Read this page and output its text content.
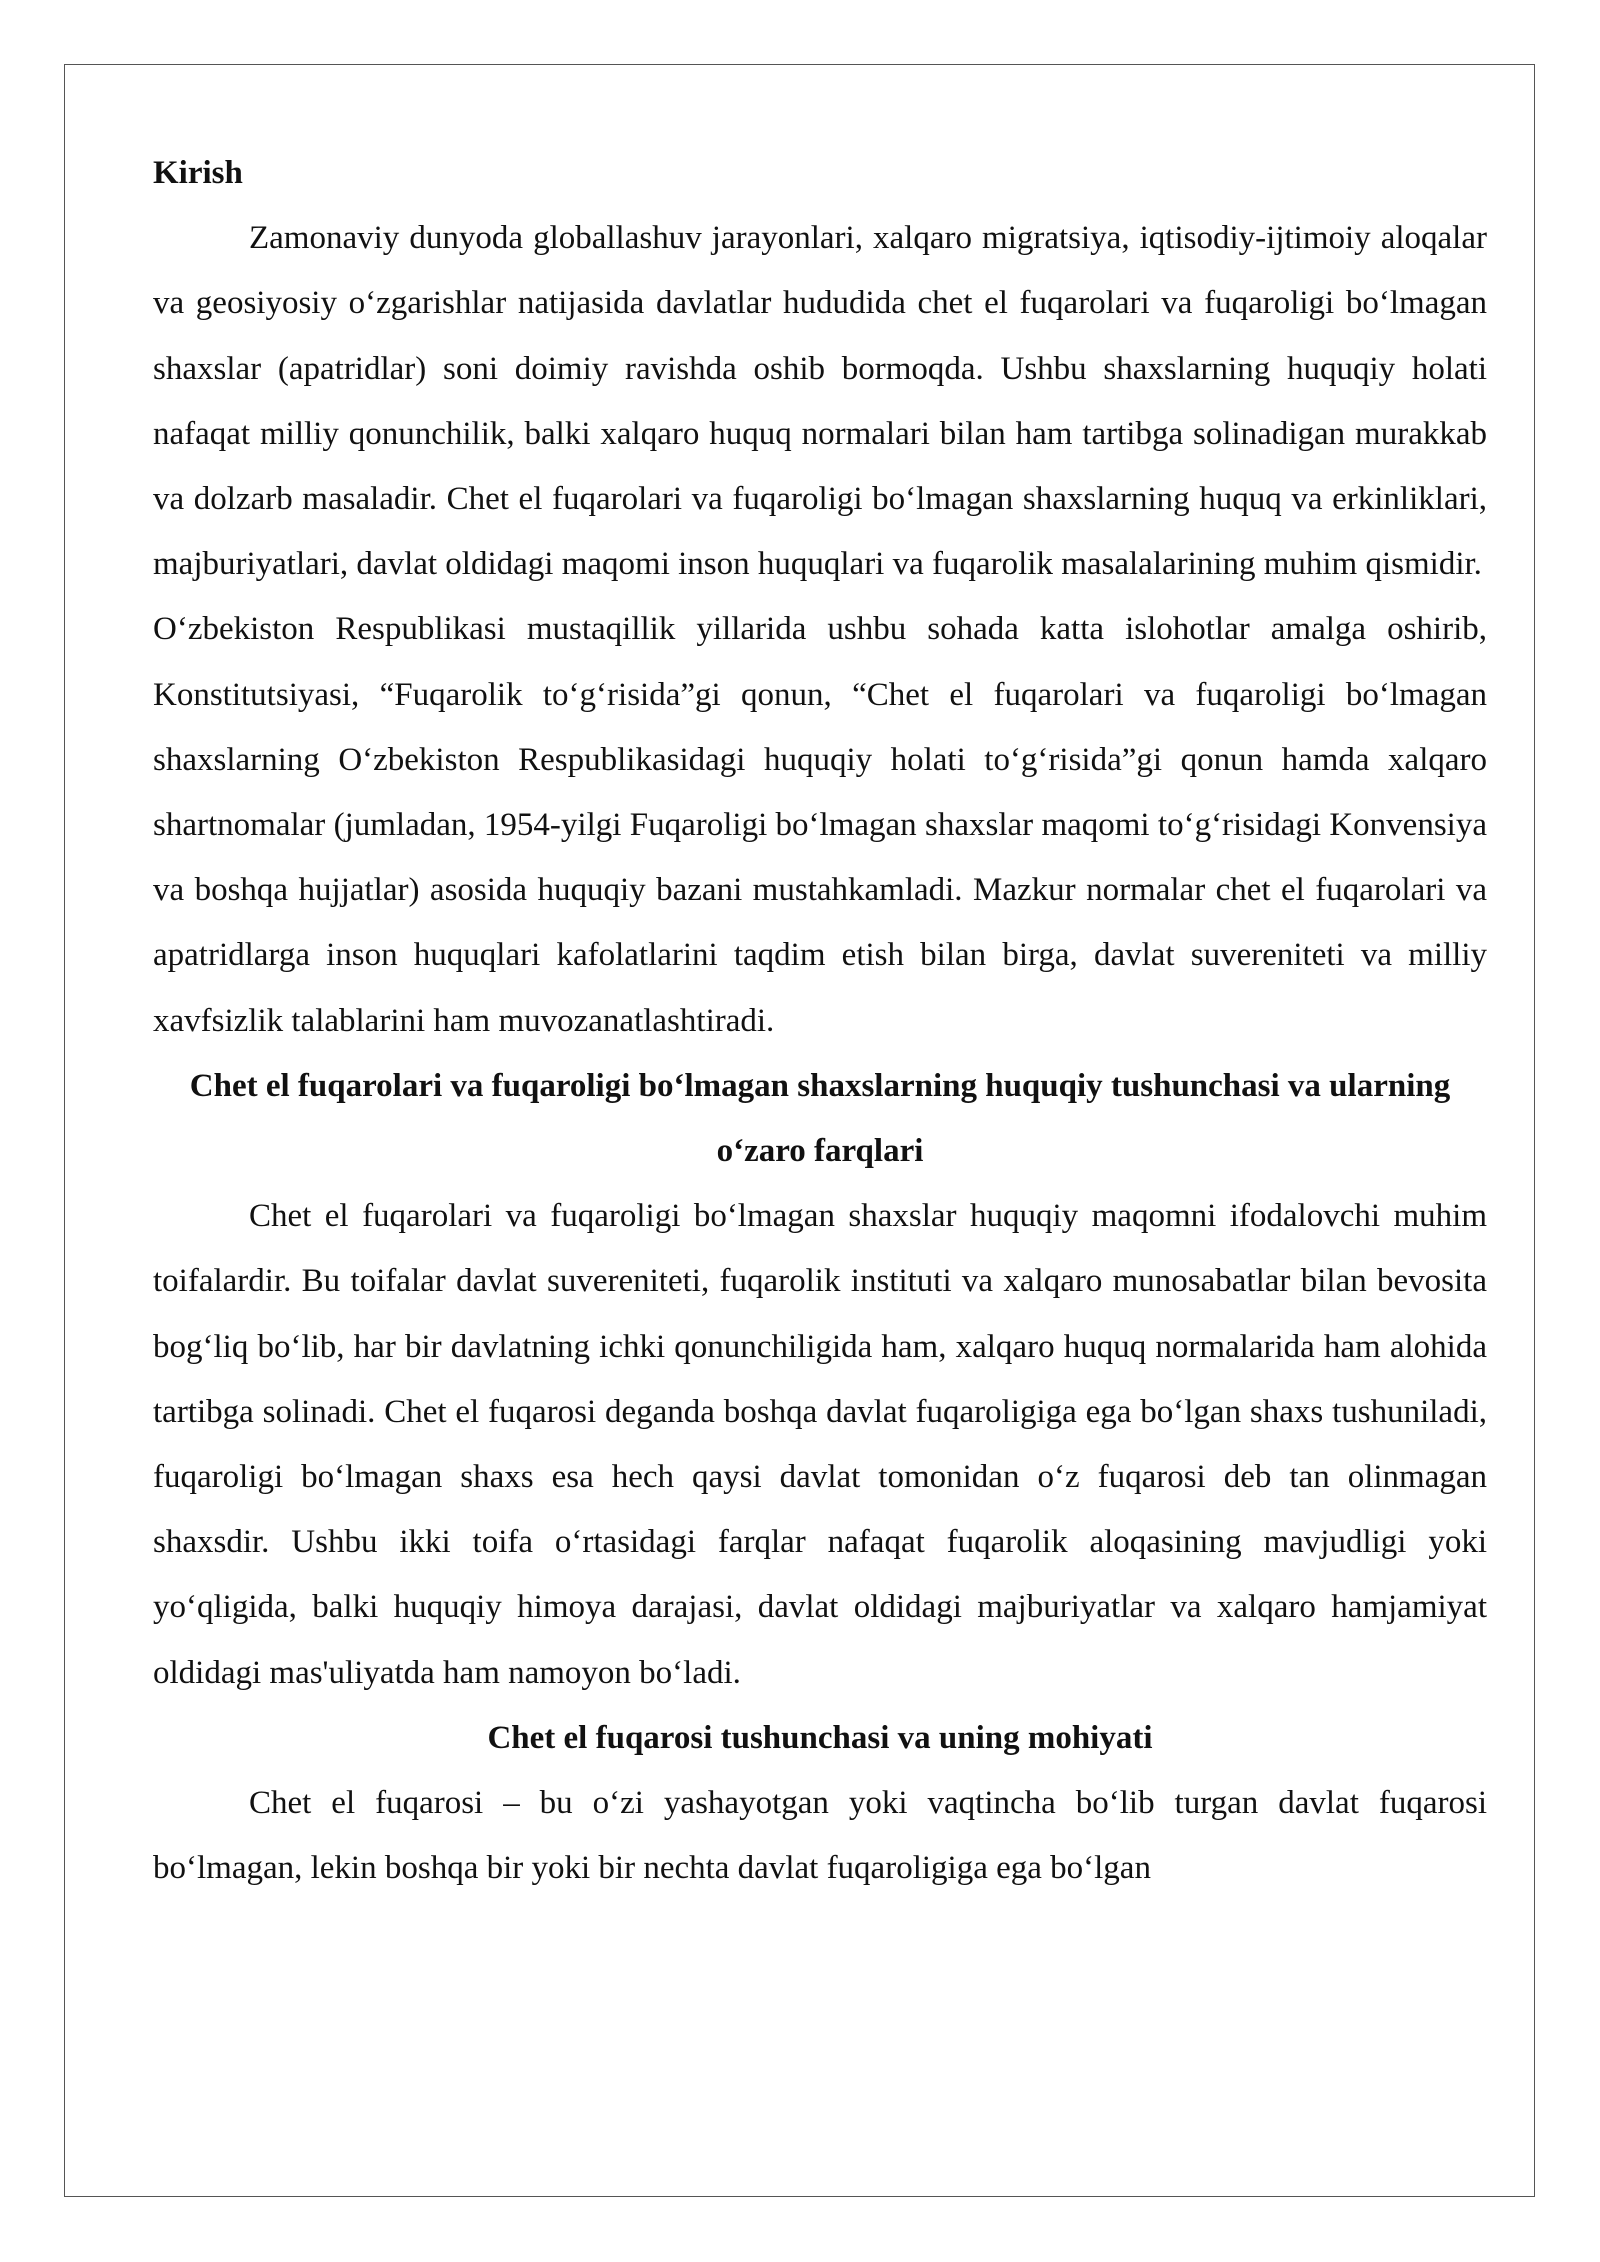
Kirish

Zamonaviy dunyoda globallashuv jarayonlari, xalqaro migratsiya, iqtisodiy-ijtimoiy aloqalar va geosiyosiy o‘zgarishlar natijasida davlatlar hududida chet el fuqarolari va fuqaroligi bo‘lmagan shaxslar (apatridlar) soni doimiy ravishda oshib bormoqda. Ushbu shaxslarning huquqiy holati nafaqat milliy qonunchilik, balki xalqaro huquq normalari bilan ham tartibga solinadigan murakkab va dolzarb masaladir. Chet el fuqarolari va fuqaroligi bo‘lmagan shaxslarning huquq va erkinliklari, majburiyatlari, davlat oldidagi maqomi inson huquqlari va fuqarolik masalalarining muhim qismidir.

O‘zbekiston Respublikasi mustaqillik yillarida ushbu sohada katta islohotlar amalga oshirib, Konstitutsiyasi, “Fuqarolik to‘g‘risida”gi qonun, “Chet el fuqarolari va fuqaroligi bo‘lmagan shaxslarning O‘zbekiston Respublikasidagi huquqiy holati to‘g‘risida”gi qonun hamda xalqaro shartnomalar (jumladan, 1954-yilgi Fuqaroligi bo‘lmagan shaxslar maqomi to‘g‘risidagi Konvensiya va boshqa hujjatlar) asosida huquqiy bazani mustahkamladi. Mazkur normalar chet el fuqarolari va apatridlarga inson huquqlari kafolatlarini taqdim etish bilan birga, davlat suvereniteti va milliy xavfsizlik talablarini ham muvozanatlashtiradi.

Chet el fuqarolari va fuqaroligi bo‘lmagan shaxslarning huquqiy tushunchasi va ularning o‘zaro farqlari

Chet el fuqarolari va fuqaroligi bo‘lmagan shaxslar huquqiy maqomni ifodalovchi muhim toifalardir. Bu toifalar davlat suvereniteti, fuqarolik instituti va xalqaro munosabatlar bilan bevosita bog‘liq bo‘lib, har bir davlatning ichki qonunchiligida ham, xalqaro huquq normalarida ham alohida tartibga solinadi. Chet el fuqarosi deganda boshqa davlat fuqaroligiga ega bo‘lgan shaxs tushuniladi, fuqaroligi bo‘lmagan shaxs esa hech qaysi davlat tomonidan o‘z fuqarosi deb tan olinmagan shaxsdir. Ushbu ikki toifa o‘rtasidagi farqlar nafaqat fuqarolik aloqasining mavjudligi yoki yo‘qligida, balki huquqiy himoya darajasi, davlat oldidagi majburiyatlar va xalqaro hamjamiyat oldidagi mas'uliyatda ham namoyon bo‘ladi.

Chet el fuqarosi tushunchasi va uning mohiyati

Chet el fuqarosi – bu o‘zi yashayotgan yoki vaqtincha bo‘lib turgan davlat fuqarosi bo‘lmagan, lekin boshqa bir yoki bir nechta davlat fuqaroligiga ega bo‘lgan
